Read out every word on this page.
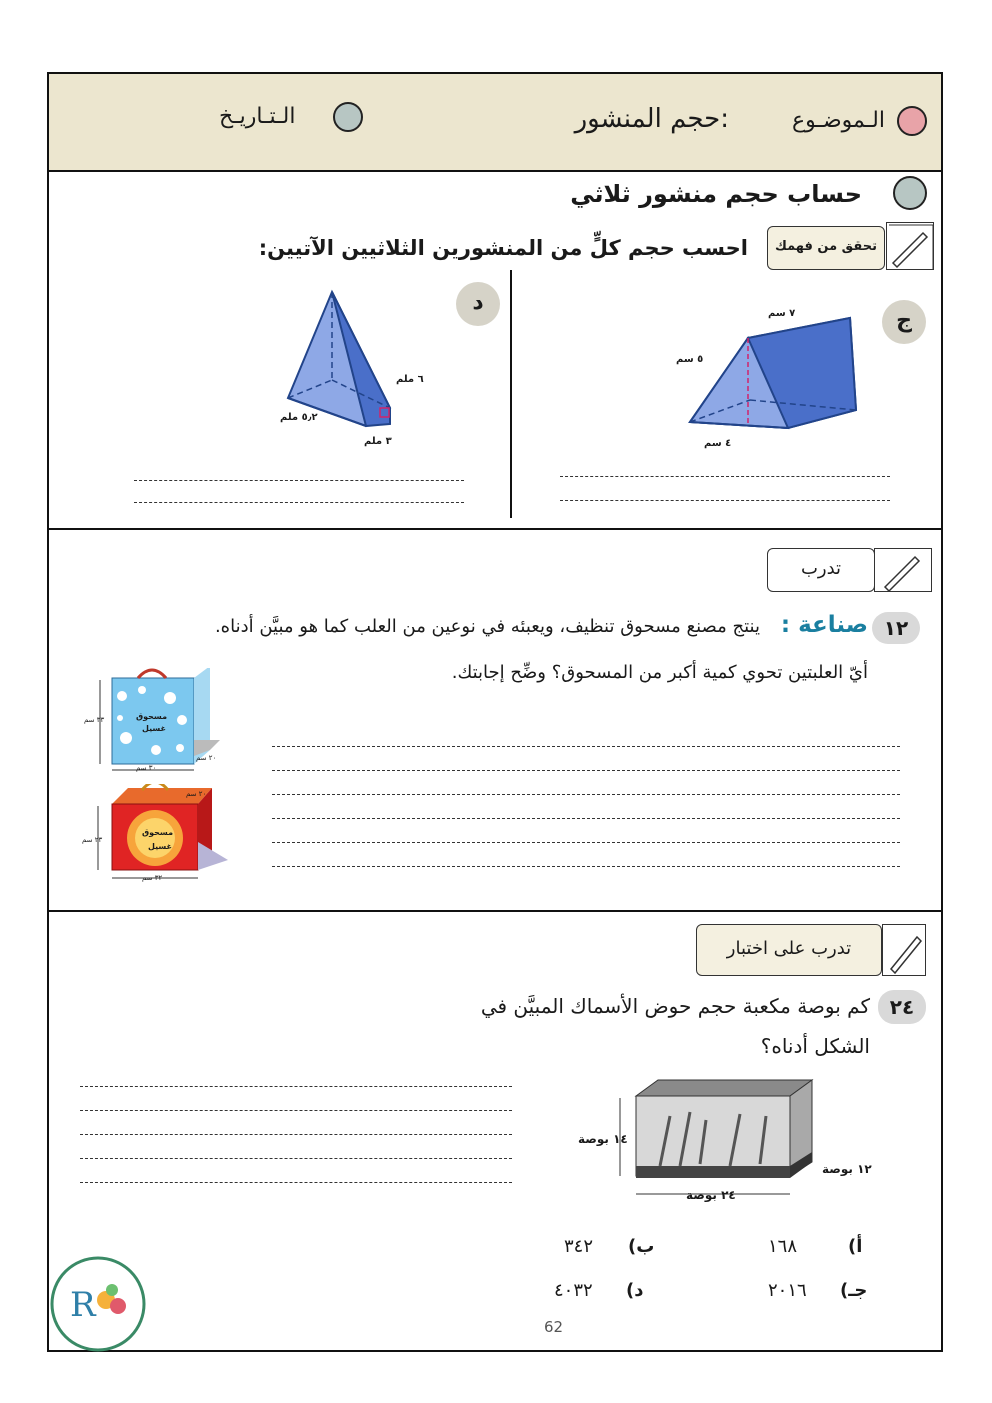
الـموضـوع
:حجم المنشور
الـتـاريـخ
حساب حجم منشور ثلاثي
تحقق من فهمك
احسب حجم كلٍّ من المنشورين الثلاثيين الآتيين:
ج
٧ سم
٥ سم
٤ سم
د
٦ ملم
٥٫٢ ملم
٣ ملم
تدرب
١٢
صناعة :
ينتج مصنع مسحوق تنظيف، ويعبئه في نوعين من العلب كما هو مبيَّن أدناه.
أيّ العلبتين تحوي كمية أكبر من المسحوق؟ وضِّح إجابتك.
مسحوق
غسيل
٣٣ سم
٣٠ سم
٢٠ سم
مسحوق
غسيل
٢٣ سم
٣٢ سم
٢٠ سم
تدرب على اختبار
٢٤
كم بوصة مكعبة حجم حوض الأسماك المبيَّن في
الشكل أدناه؟
١٤ بوصة
٢٤ بوصة
١٢ بوصة
أ)
١٦٨
ب)
٣٤٢
جـ)
٢٠١٦
د)
٤٠٣٢
R
62
